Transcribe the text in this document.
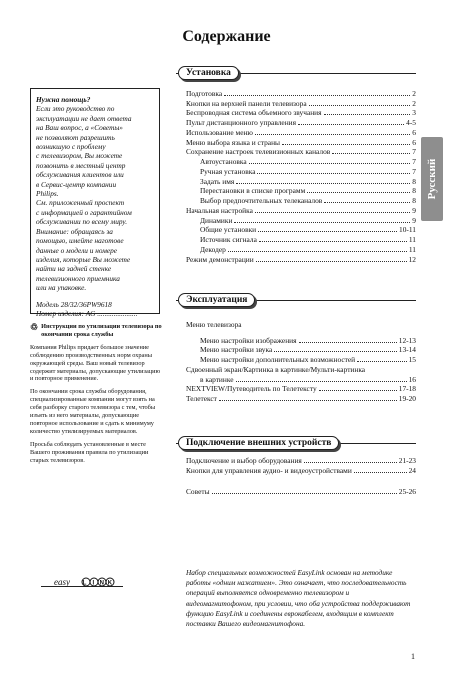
Содержание
Нужна помощь?
Если это руководство по
эксплуатации не дает ответа
на Ваш вопрос, а «Советы»
не позволяют разрешить
возникшую с проблему
с телевизором, Вы можете
позвонить в местный центр
обслуживания клиентов или
в Сервис-центр компании
Philips.
См. приложенный проспект
с информацией о гарантийном
обслуживании по всему миру.
Внимание: обращаясь за
помощью, имейте наготове
данные о модели и номере
изделия, которые Вы можете
найти на задней стенке
телевизионного приемника
или на упаковке.
Модель 28/32/36PW9618
Номер изделия: AG ......................

♲ Инструкции по утилизации телевизора по окончании срока службы

Компания Philips придает большое значение соблюдению производственных норм охраны окружающей среды. Ваш новый телевизор содержит материалы, допускающие утилизацию и повторное применение.

По окончании срока службы оборудования, специализированные компании могут взять на себя разборку старого телевизора с тем, чтобы изъять из него материалы, допускающие повторное использование и сдать к минимуму количество утилизируемых материалов.

Просьба соблюдать установленные в месте Вашего проживания правила по утилизации старых телевизоров.

easy L I N K
Установка
Подготовка	2
Кнопки на верхней панели телевизора	2
Беспроводная система объемного звучания	3
Пульт дистанционного управления	4-5
Использование меню	6
Меню выбора языка и страны	6
Сохранение настроек телевизионных каналов	7
Автоустановка	7
Ручная установка	7
Задать имя	8
Перестановки в списке программ	8
Выбор предпочтительных телеканалов	8
Начальная настройка	9
Динамики	9
Общие установки	10-11
Источник сигнала	11
Декодер	11
Режим демонстрации	12
Эксплуатация
Меню телевизора
Меню настройки изображения	12-13
Меню настройки звука	13-14
Меню настройки дополнительных возможностей	15
Сдвоенный экран/Картинка в картинке/Мульти-картинка
в картинке	16
NEXTVIEW/Путеводитель по Телетексту	17-18
Телетекст	19-20
Подключение внешних устройств
Подключение и выбор оборудования	21-23
Кнопки для управления аудио- и видеоустройствами	24
Советы	25-26
Русский
Набор специальных возможностей EasyLink основан на методике работы «одним нажатием». Это означает, что последовательность операций выполняется одновременно телевизором и видеомагнитофоном, при условии, что оба устройства поддерживают функцию EasyLink и соединены еврокабелем, входящим в комплект поставки Вашего видеомагнитофона.
1
